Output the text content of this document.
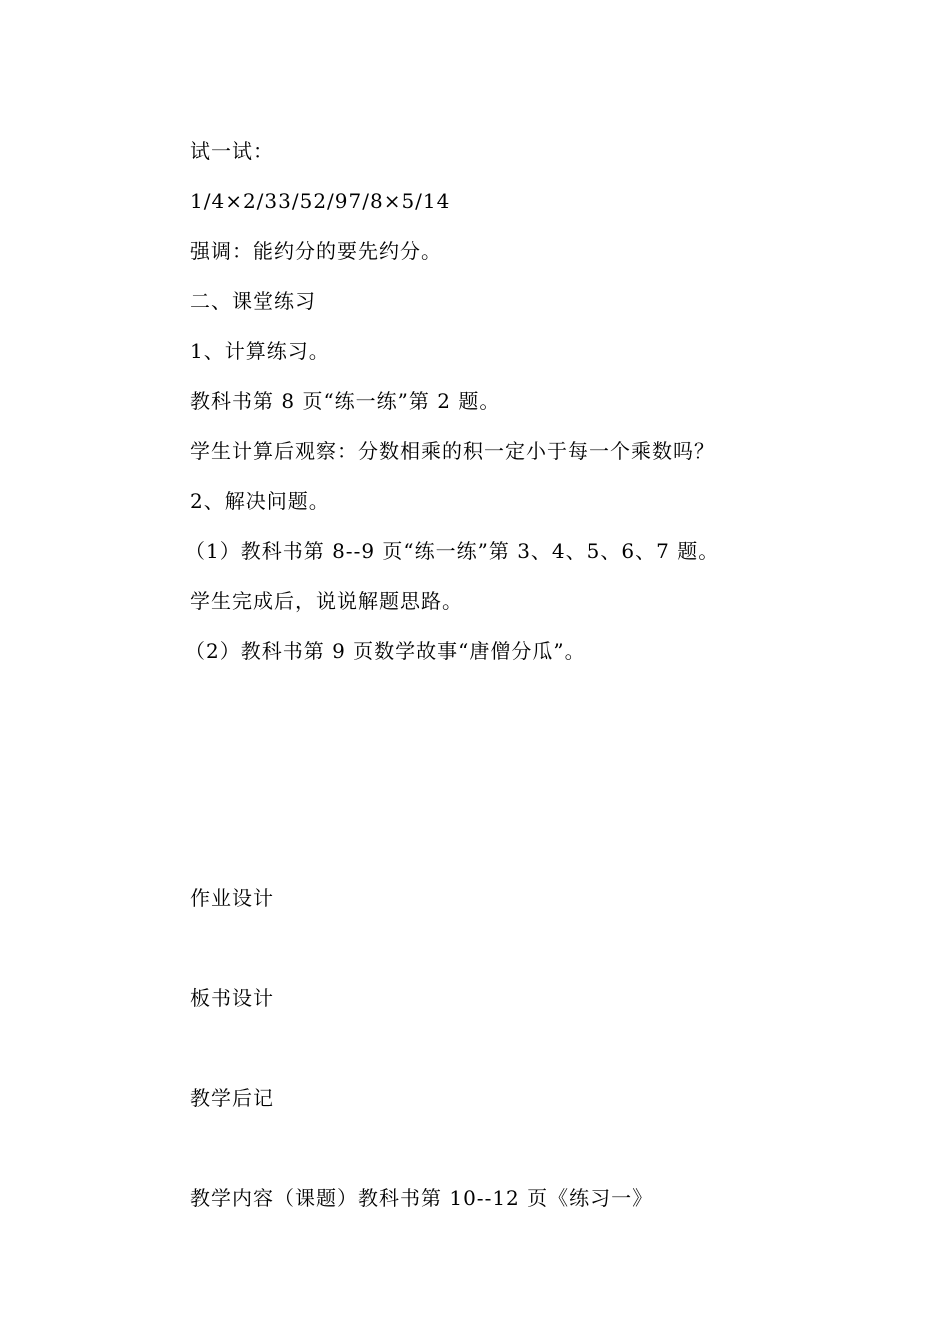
试一试：
1/4×2/33/52/97/8×5/14
强调：能约分的要先约分。
二、课堂练习
1、计算练习。
教科书第 8 页“练一练”第 2 题。
学生计算后观察：分数相乘的积一定小于每一个乘数吗？
2、解决问题。
（1）教科书第 8--9 页“练一练”第 3、4、5、6、7 题。
学生完成后，说说解题思路。
（2）教科书第 9 页数学故事“唐僧分瓜”。
作业设计
板书设计
教学后记
教学内容（课题）教科书第 10--12 页《练习一》
